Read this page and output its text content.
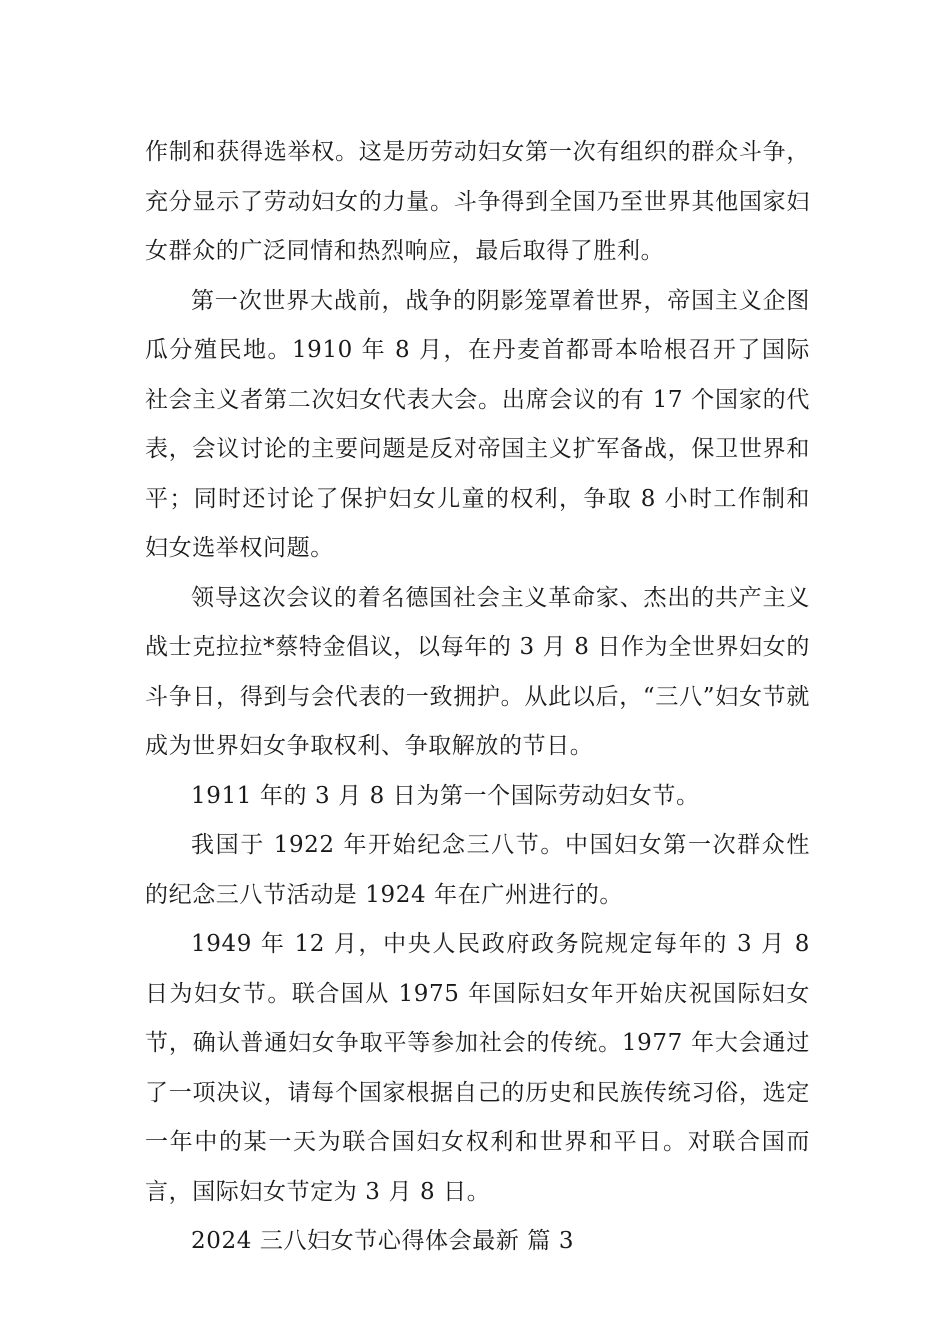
作制和获得选举权。这是历劳动妇女第一次有组织的群众斗争，充分显示了劳动妇女的力量。斗争得到全国乃至世界其他国家妇女群众的广泛同情和热烈响应，最后取得了胜利。

第一次世界大战前，战争的阴影笼罩着世界，帝国主义企图瓜分殖民地。1910 年 8 月，在丹麦首都哥本哈根召开了国际社会主义者第二次妇女代表大会。出席会议的有 17 个国家的代表，会议讨论的主要问题是反对帝国主义扩军备战，保卫世界和平；同时还讨论了保护妇女儿童的权利，争取 8 小时工作制和妇女选举权问题。

领导这次会议的着名德国社会主义革命家、杰出的共产主义战士克拉拉*蔡特金倡议，以每年的 3 月 8 日作为全世界妇女的斗争日，得到与会代表的一致拥护。从此以后，“三八”妇女节就成为世界妇女争取权利、争取解放的节日。

1911 年的 3 月 8 日为第一个国际劳动妇女节。

我国于 1922 年开始纪念三八节。中国妇女第一次群众性的纪念三八节活动是 1924 年在广州进行的。

1949 年 12 月，中央人民政府政务院规定每年的 3 月 8 日为妇女节。联合国从 1975 年国际妇女年开始庆祝国际妇女节，确认普通妇女争取平等参加社会的传统。1977 年大会通过了一项决议，请每个国家根据自己的历史和民族传统习俗，选定一年中的某一天为联合国妇女权利和世界和平日。对联合国而言，国际妇女节定为 3 月 8 日。

2024 三八妇女节心得体会最新 篇 3
